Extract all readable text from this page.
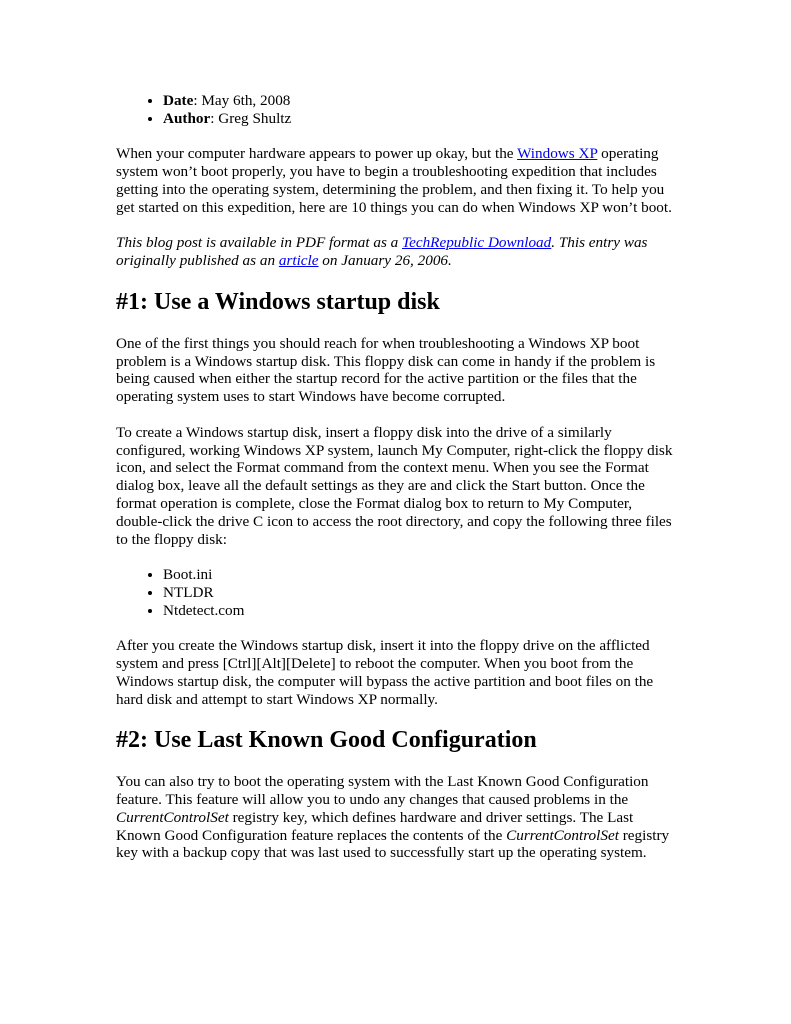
• Date: May 6th, 2008
• Author: Greg Shultz

When your computer hardware appears to power up okay, but the Windows XP operating system won’t boot properly, you have to begin a troubleshooting expedition that includes getting into the operating system, determining the problem, and then fixing it. To help you get started on this expedition, here are 10 things you can do when Windows XP won’t boot.

This blog post is available in PDF format as a TechRepublic Download. This entry was originally published as an article on January 26, 2006.

#1: Use a Windows startup disk

One of the first things you should reach for when troubleshooting a Windows XP boot problem is a Windows startup disk. This floppy disk can come in handy if the problem is being caused when either the startup record for the active partition or the files that the operating system uses to start Windows have become corrupted.

To create a Windows startup disk, insert a floppy disk into the drive of a similarly configured, working Windows XP system, launch My Computer, right-click the floppy disk icon, and select the Format command from the context menu. When you see the Format dialog box, leave all the default settings as they are and click the Start button. Once the format operation is complete, close the Format dialog box to return to My Computer, double-click the drive C icon to access the root directory, and copy the following three files to the floppy disk:

• Boot.ini
• NTLDR
• Ntdetect.com

After you create the Windows startup disk, insert it into the floppy drive on the afflicted system and press [Ctrl][Alt][Delete] to reboot the computer. When you boot from the Windows startup disk, the computer will bypass the active partition and boot files on the hard disk and attempt to start Windows XP normally.

#2: Use Last Known Good Configuration

You can also try to boot the operating system with the Last Known Good Configuration feature. This feature will allow you to undo any changes that caused problems in the CurrentControlSet registry key, which defines hardware and driver settings. The Last Known Good Configuration feature replaces the contents of the CurrentControlSet registry key with a backup copy that was last used to successfully start up the operating system.
